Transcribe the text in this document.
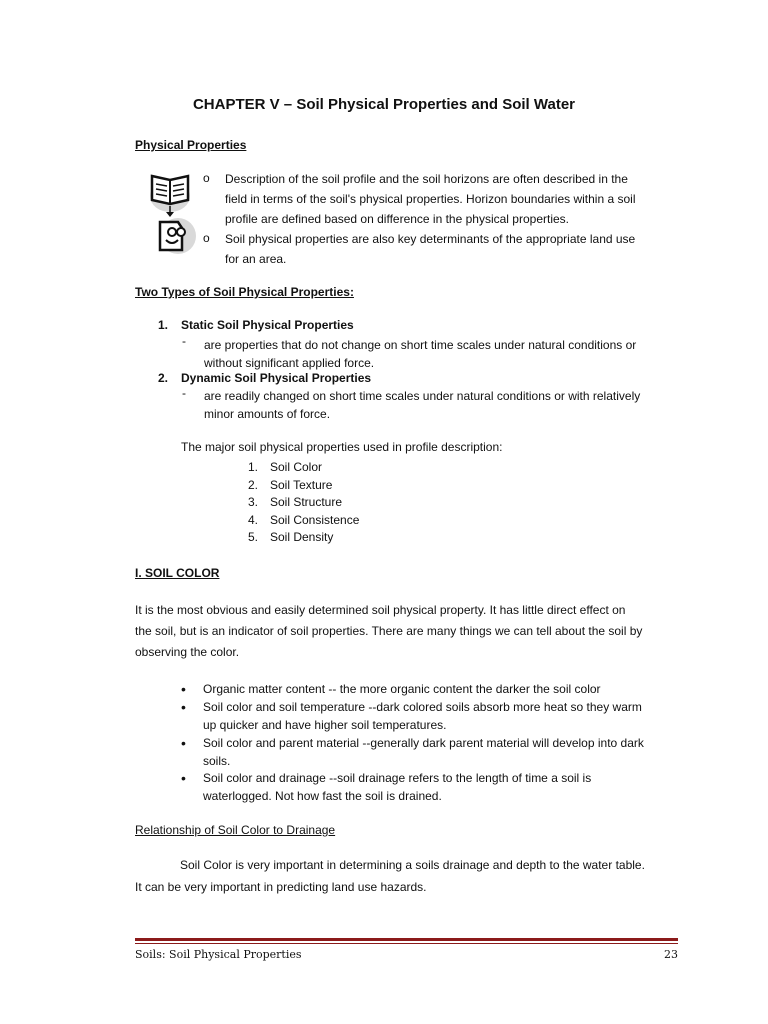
CHAPTER V – Soil Physical Properties and Soil Water
Physical Properties
o Description of the soil profile and the soil horizons are often described in the
field in terms of the soil's physical properties. Horizon boundaries within a soil
profile are defined based on difference in the physical properties.
o Soil physical properties are also key determinants of the appropriate land use
for an area.
Two Types of Soil Physical Properties:
1. Static Soil Physical Properties
- are properties that do not change on short time scales under natural conditions or
without significant applied force.
2. Dynamic Soil Physical Properties
- are readily changed on short time scales under natural conditions or with relatively
minor amounts of force.
The major soil physical properties used in profile description:
1. Soil Color
2. Soil Texture
3. Soil Structure
4. Soil Consistence
5. Soil Density
I. SOIL COLOR
It is the most obvious and easily determined soil physical property. It has little direct effect on
the soil, but is an indicator of soil properties. There are many things we can tell about the soil by
observing the color.
•	Organic matter content -- the more organic content the darker the soil color
•	Soil color and soil temperature --dark colored soils absorb more heat so they warm
up quicker and have higher soil temperatures.
•	Soil color and parent material --generally dark parent material will develop into dark
soils.
•	Soil color and drainage --soil drainage refers to the length of time a soil is
waterlogged. Not how fast the soil is drained.
Relationship of Soil Color to Drainage
Soil Color is very important in determining a soils drainage and depth to the water table.
It can be very important in predicting land use hazards.
Soils: Soil Physical Properties	23
